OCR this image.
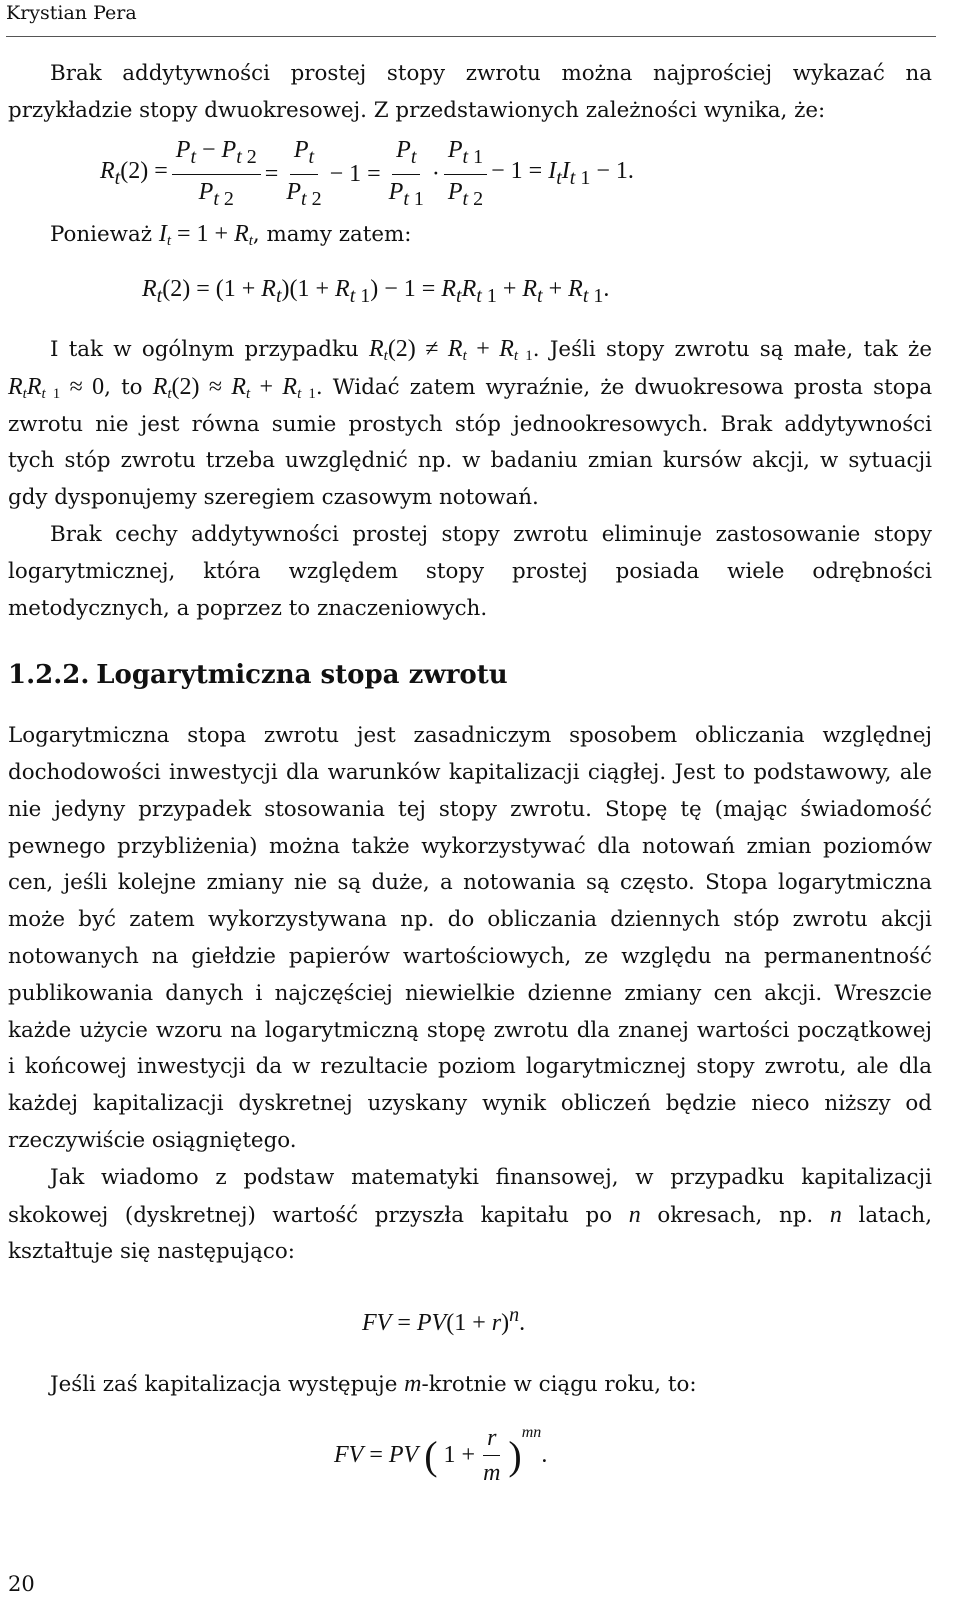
Krystian Pera

Brak addytywności prostej stopy zwrotu można najprościej wykazać na przykładzie stopy dwuokresowej. Z przedstawionych zależności wynika, że:

$R_t(2) = \frac{P_t - P_{t 2}}{P_{t 2}} = \frac{P_t}{P_{t 2}} - 1 = \frac{P_t}{P_{t 1}} \cdot \frac{P_{t 1}}{P_{t 2}} - 1 = I_tI_{t 1} - 1$.

Ponieważ $I_t = 1 + R_t$, mamy zatem:

$R_t(2) = (1 + R_t)(1 + R_{t 1}) - 1 = R_tR_{t 1} + R_t + R_{t 1}$.

I tak w ogólnym przypadku $R_t(2) \ne R_t + R_{t 1}$. Jeśli stopy zwrotu są małe, tak że $R_tR_{t 1} \approx 0$, to $R_t(2) \approx R_t + R_{t 1}$. Widać zatem wyraźnie, że dwuokresowa prosta stopa zwrotu nie jest równa sumie prostych stóp jednookresowych. Brak addytywności tych stóp zwrotu trzeba uwzględnić np. w badaniu zmian kursów akcji, w sytuacji gdy dysponujemy szeregiem czasowym notowań.

Brak cechy addytywności prostej stopy zwrotu eliminuje zastosowanie stopy logarytmicznej, która względem stopy prostej posiada wiele odrębności metodycznych, a poprzez to znaczeniowych.

1.2.2. Logarytmiczna stopa zwrotu

Logarytmiczna stopa zwrotu jest zasadniczym sposobem obliczania względnej dochodowości inwestycji dla warunków kapitalizacji ciągłej. Jest to podstawowy, ale nie jedyny przypadek stosowania tej stopy zwrotu. Stopę tę (mając świadomość pewnego przybliżenia) można także wykorzystywać dla notowań zmian poziomów cen, jeśli kolejne zmiany nie są duże, a notowania są często. Stopa logarytmiczna może być zatem wykorzystywana np. do obliczania dziennych stóp zwrotu akcji notowanych na giełdzie papierów wartościowych, ze względu na permanentność publikowania danych i najczęściej niewielkie dzienne zmiany cen akcji. Wreszcie każde użycie wzoru na logarytmiczną stopę zwrotu dla znanej wartości początkowej i końcowej inwestycji da w rezultacie poziom logarytmicznej stopy zwrotu, ale dla każdej kapitalizacji dyskretnej uzyskany wynik obliczeń będzie nieco niższy od rzeczywiście osiągniętego.

Jak wiadomo z podstaw matematyki finansowej, w przypadku kapitalizacji skokowej (dyskretnej) wartość przyszła kapitału po n okresach, np. n latach, kształtuje się następująco:

FV = $PV(1 + r)^n$.

Jeśli zaś kapitalizacja występuje m-krotnie w ciągu roku, to:

FV = PV ( $1 + \frac{r}{m}$ ) mn
.
20
